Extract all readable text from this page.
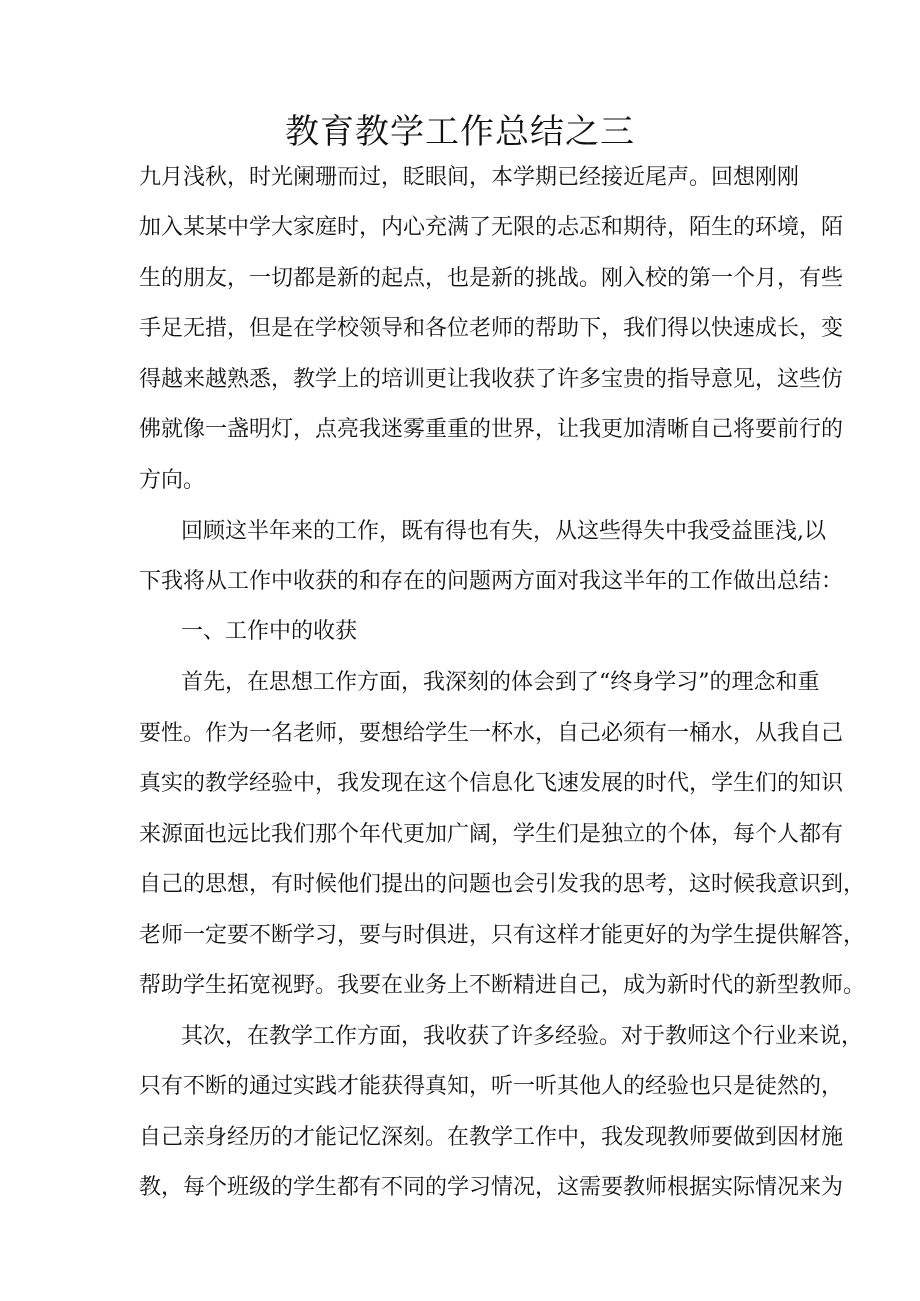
教育教学工作总结之三
九月浅秋，时光阑珊而过，眨眼间，本学期已经接近尾声。回想刚刚
加入某某中学大家庭时，内心充满了无限的忐忑和期待，陌生的环境，陌
生的朋友，一切都是新的起点，也是新的挑战。刚入校的第一个月，有些
手足无措，但是在学校领导和各位老师的帮助下，我们得以快速成长，变
得越来越熟悉，教学上的培训更让我收获了许多宝贵的指导意见，这些仿
佛就像一盏明灯，点亮我迷雾重重的世界，让我更加清晰自己将要前行的
方向。
回顾这半年来的工作，既有得也有失，从这些得失中我受益匪浅,以
下我将从工作中收获的和存在的问题两方面对我这半年的工作做出总结：
一、工作中的收获
首先，在思想工作方面，我深刻的体会到了“终身学习”的理念和重
要性。作为一名老师，要想给学生一杯水，自己必须有一桶水，从我自己
真实的教学经验中，我发现在这个信息化飞速发展的时代，学生们的知识
来源面也远比我们那个年代更加广阔，学生们是独立的个体，每个人都有
自己的思想，有时候他们提出的问题也会引发我的思考，这时候我意识到，
老师一定要不断学习，要与时俱进，只有这样才能更好的为学生提供解答，
帮助学生拓宽视野。我要在业务上不断精进自己，成为新时代的新型教师。
其次，在教学工作方面，我收获了许多经验。对于教师这个行业来说，
只有不断的通过实践才能获得真知，听一听其他人的经验也只是徒然的，
自己亲身经历的才能记忆深刻。在教学工作中，我发现教师要做到因材施
教，每个班级的学生都有不同的学习情况，这需要教师根据实际情况来为
